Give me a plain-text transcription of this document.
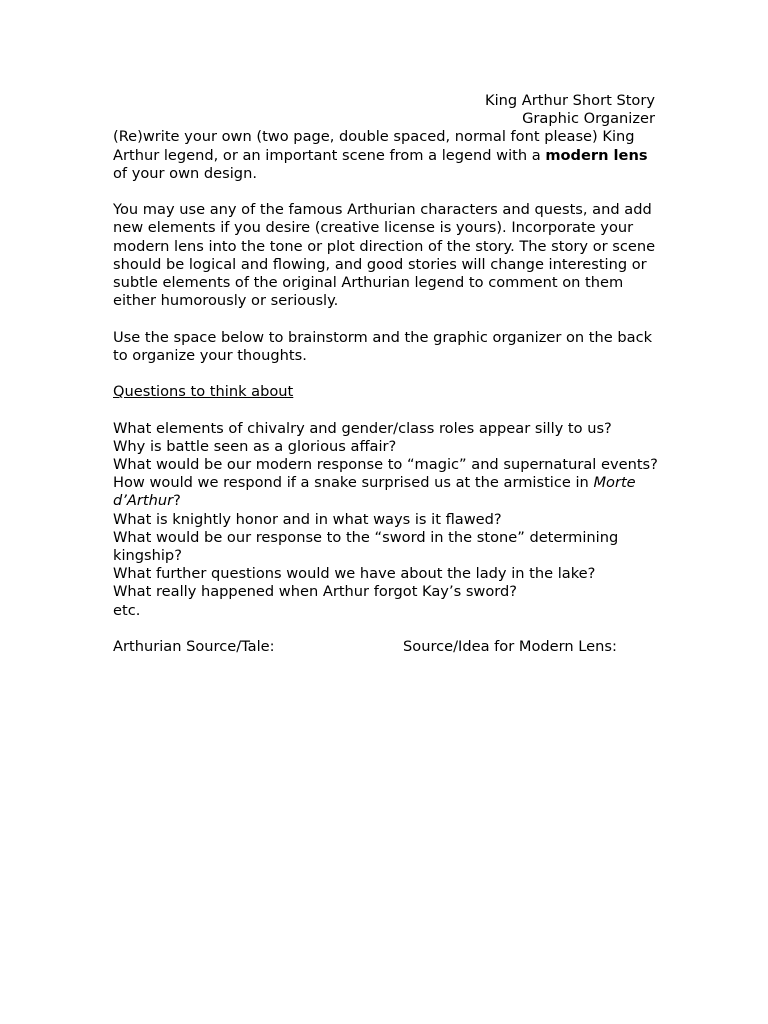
King Arthur Short Story
Graphic Organizer

(Re)write your own (two page, double spaced, normal font please) King Arthur legend, or an important scene from a legend with a modern lens of your own design.

You may use any of the famous Arthurian characters and quests, and add new elements if you desire (creative license is yours). Incorporate your modern lens into the tone or plot direction of the story. The story or scene should be logical and flowing, and good stories will change interesting or subtle elements of the original Arthurian legend to comment on them either humorously or seriously.

Use the space below to brainstorm and the graphic organizer on the back to organize your thoughts.

Questions to think about

What elements of chivalry and gender/class roles appear silly to us?

Why is battle seen as a glorious affair?

What would be our modern response to “magic” and supernatural events?

How would we respond if a snake surprised us at the armistice in Morte d’Arthur?

What is knightly honor and in what ways is it flawed?

What would be our response to the “sword in the stone” determining kingship?

What further questions would we have about the lady in the lake?

What really happened when Arthur forgot Kay’s sword?

etc.

Arthurian Source/Tale:	Source/Idea for Modern Lens:
